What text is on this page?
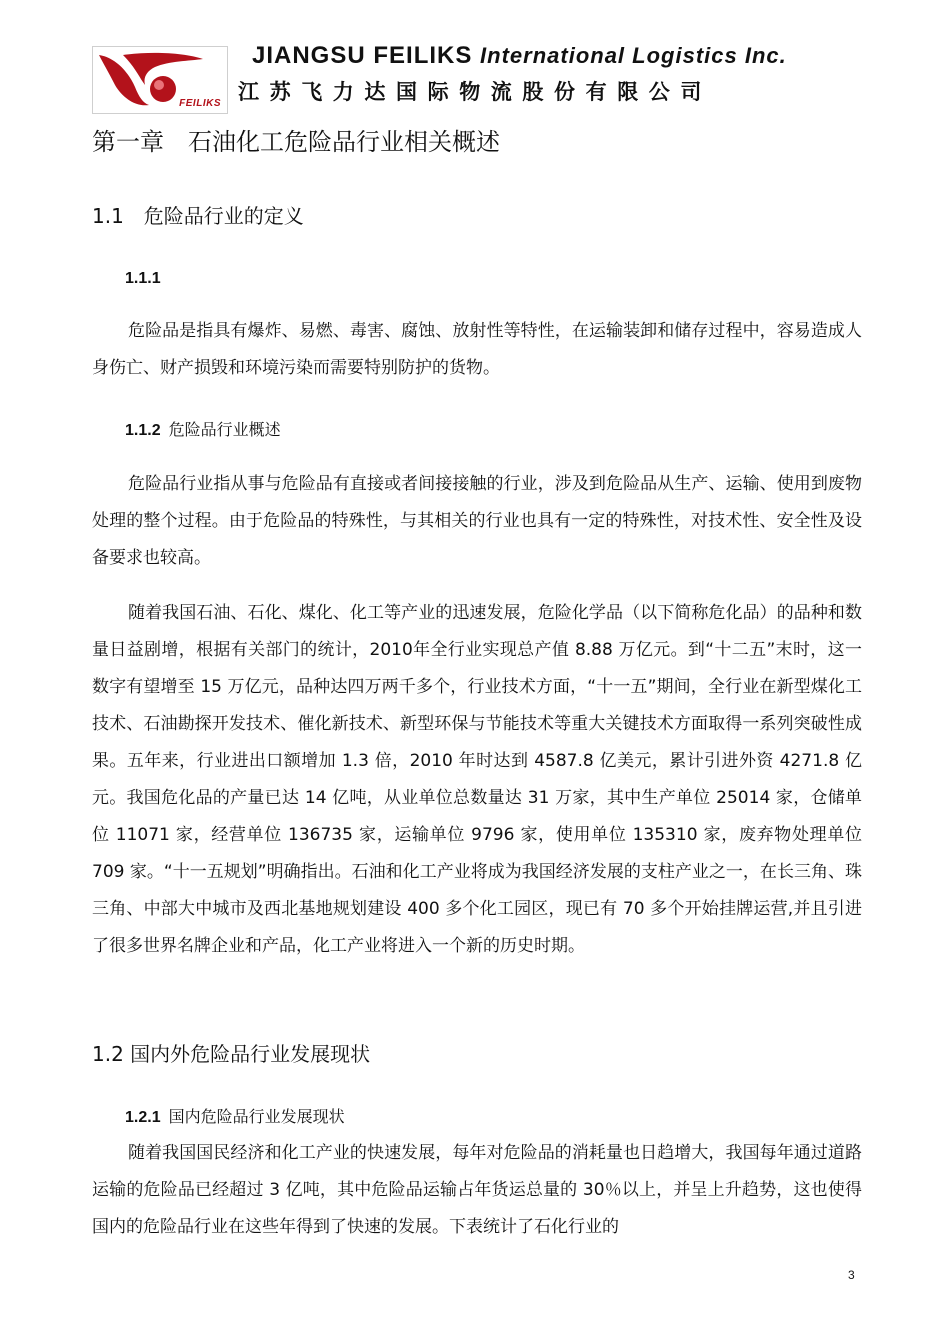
FEILIKS
JIANGSU FEILIKS International Logistics Inc.
江苏飞力达国际物流股份有限公司
第一章　石油化工危险品行业相关概述
1.1　危险品行业的定义
1.1.1
危险品是指具有爆炸、易燃、毒害、腐蚀、放射性等特性，在运输装卸和储存过程中，容易造成人身伤亡、财产损毁和环境污染而需要特别防护的货物。
1.1.2 危险品行业概述
危险品行业指从事与危险品有直接或者间接接触的行业，涉及到危险品从生产、运输、使用到废物处理的整个过程。由于危险品的特殊性，与其相关的行业也具有一定的特殊性，对技术性、安全性及设备要求也较高。
随着我国石油、石化、煤化、化工等产业的迅速发展，危险化学品（以下简称危化品）的品种和数量日益剧增，根据有关部门的统计，2010年全行业实现总产值 8.88 万亿元。到“十二五”末时，这一数字有望增至 15 万亿元，品种达四万两千多个，行业技术方面，“十一五”期间，全行业在新型煤化工技术、石油勘探开发技术、催化新技术、新型环保与节能技术等重大关键技术方面取得一系列突破性成果。五年来，行业进出口额增加 1.3 倍，2010 年时达到 4587.8 亿美元，累计引进外资 4271.8 亿元。我国危化品的产量已达 14 亿吨，从业单位总数量达 31 万家，其中生产单位 25014 家，仓储单位 11071 家，经营单位 136735 家，运输单位 9796 家，使用单位 135310 家，废弃物处理单位 709 家。“十一五规划”明确指出。石油和化工产业将成为我国经济发展的支柱产业之一，在长三角、珠三角、中部大中城市及西北基地规划建设 400 多个化工园区，现已有 70 多个开始挂牌运营,并且引进了很多世界名牌企业和产品，化工产业将进入一个新的历史时期。
1.2 国内外危险品行业发展现状
1.2.1 国内危险品行业发展现状
随着我国国民经济和化工产业的快速发展，每年对危险品的消耗量也日趋增大，我国每年通过道路运输的危险品已经超过 3 亿吨，其中危险品运输占年货运总量的 30％以上，并呈上升趋势，这也使得国内的危险品行业在这些年得到了快速的发展。下表统计了石化行业的
3
